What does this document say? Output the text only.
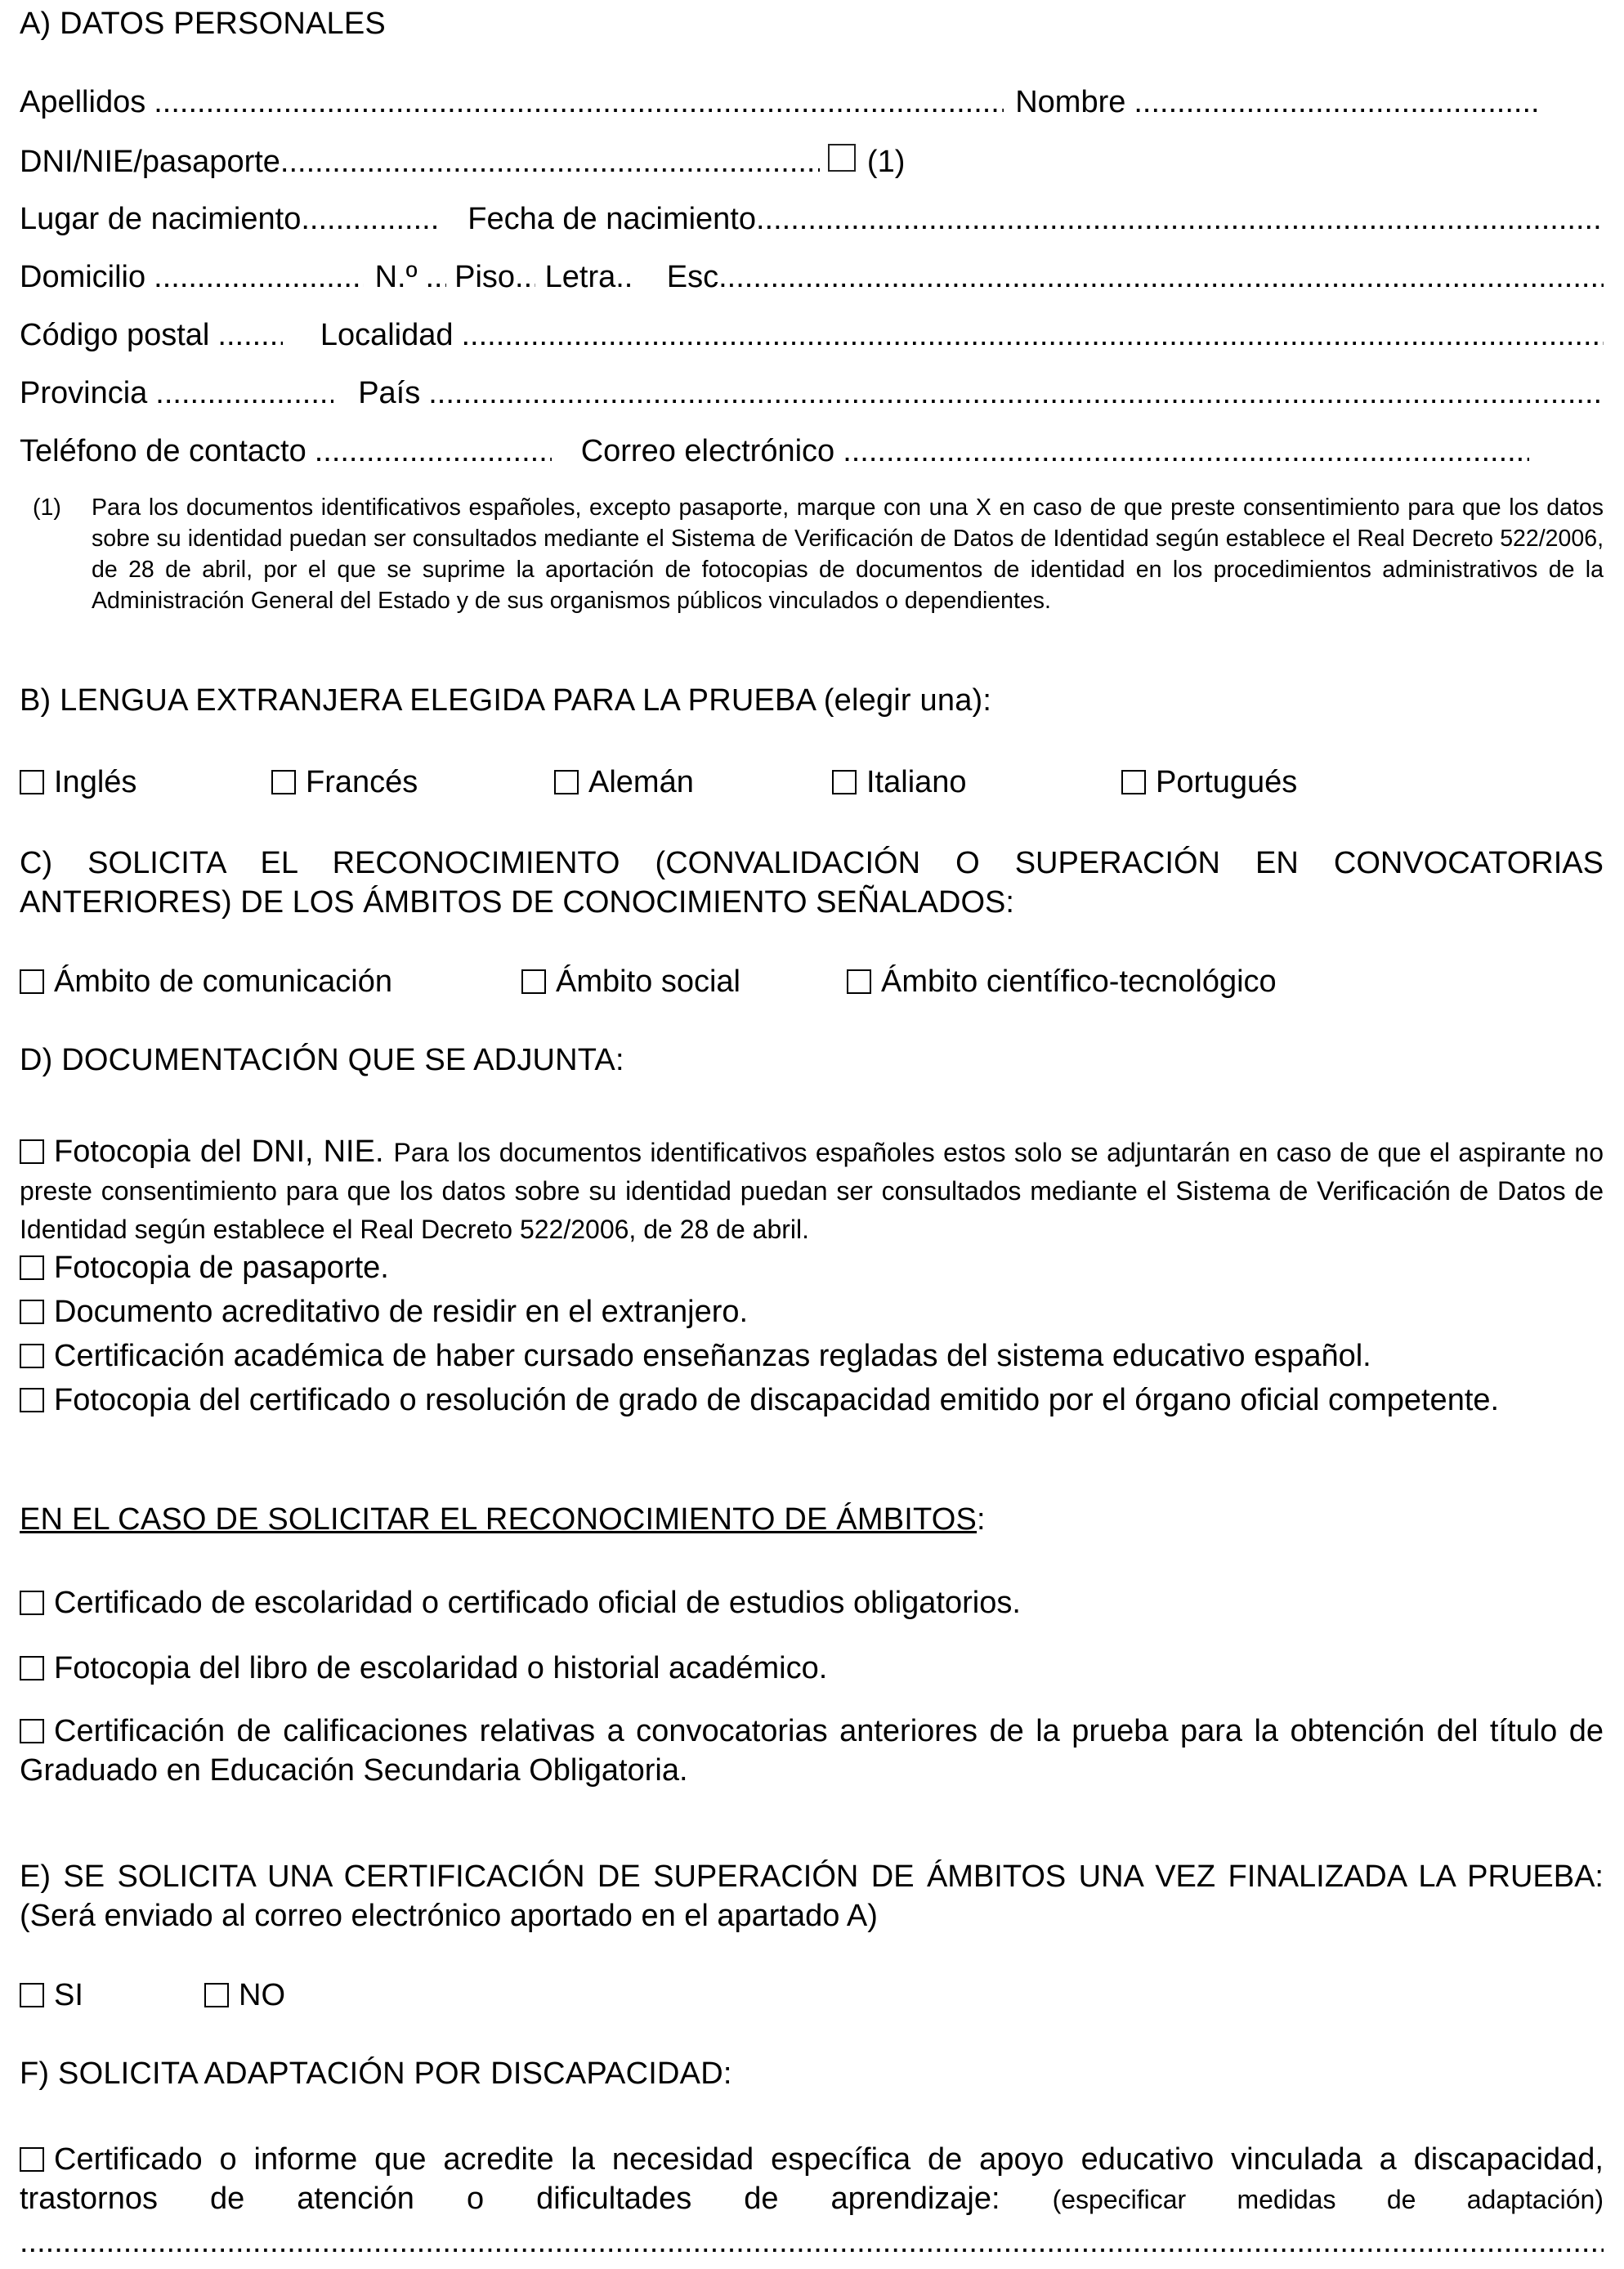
A) DATOS PERSONALES
Apellidos .....	Nombre
.....
DNI/NIE/pasaporte .....	(1)
Lugar de nacimiento .....	Fecha de nacimiento
.....
Domicilio .....	N.º ..... Piso ..... Letra ..... Esc
.....
Código postal .....	Localidad
.....
Provincia .....	País
.....
Teléfono de contacto .....	Correo electrónico
.....
(1)	Para los documentos identificativos españoles, excepto pasaporte, marque con una X en caso de que preste consentimiento para que los datos sobre su identidad puedan ser consultados mediante el Sistema de Verificación de Datos de Identidad según establece el Real Decreto 522/2006, de 28 de abril, por el que se suprime la aportación de fotocopias de documentos de identidad en los procedimientos administrativos de la Administración General del Estado y de sus organismos públicos vinculados o dependientes.
B) LENGUA EXTRANJERA ELEGIDA PARA LA PRUEBA (elegir una):
Inglés	Francés	Alemán	Italiano	Portugués
C) SOLICITA EL RECONOCIMIENTO (CONVALIDACIÓN O SUPERACIÓN EN CONVOCATORIAS ANTERIORES) DE LOS ÁMBITOS DE CONOCIMIENTO SEÑALADOS:
Ámbito de comunicación	Ámbito social	Ámbito científico-tecnológico
D) DOCUMENTACIÓN QUE SE ADJUNTA:
Fotocopia del DNI, NIE. Para los documentos identificativos españoles estos solo se adjuntarán en caso de que el aspirante no preste consentimiento para que los datos sobre su identidad puedan ser consultados mediante el Sistema de Verificación de Datos de Identidad según establece el Real Decreto 522/2006, de 28 de abril.
Fotocopia de pasaporte.
Documento acreditativo de residir en el extranjero.
Certificación académica de haber cursado enseñanzas regladas del sistema educativo español.
Fotocopia del certificado o resolución de grado de discapacidad emitido por el órgano oficial competente.
EN EL CASO DE SOLICITAR EL RECONOCIMIENTO DE ÁMBITOS:
Certificado de escolaridad o certificado oficial de estudios obligatorios.
Fotocopia del libro de escolaridad o historial académico.
Certificación de calificaciones relativas a convocatorias anteriores de la prueba para la obtención del título de Graduado en Educación Secundaria Obligatoria.
E) SE SOLICITA UNA CERTIFICACIÓN DE SUPERACIÓN DE ÁMBITOS UNA VEZ FINALIZADA LA PRUEBA: (Será enviado al correo electrónico aportado en el apartado A)
SI	NO
F) SOLICITA ADAPTACIÓN POR DISCAPACIDAD:
Certificado o informe que acredite la necesidad específica de apoyo educativo vinculada a discapacidad, trastornos de atención o dificultades de aprendizaje: (especificar medidas de adaptación)
.....
